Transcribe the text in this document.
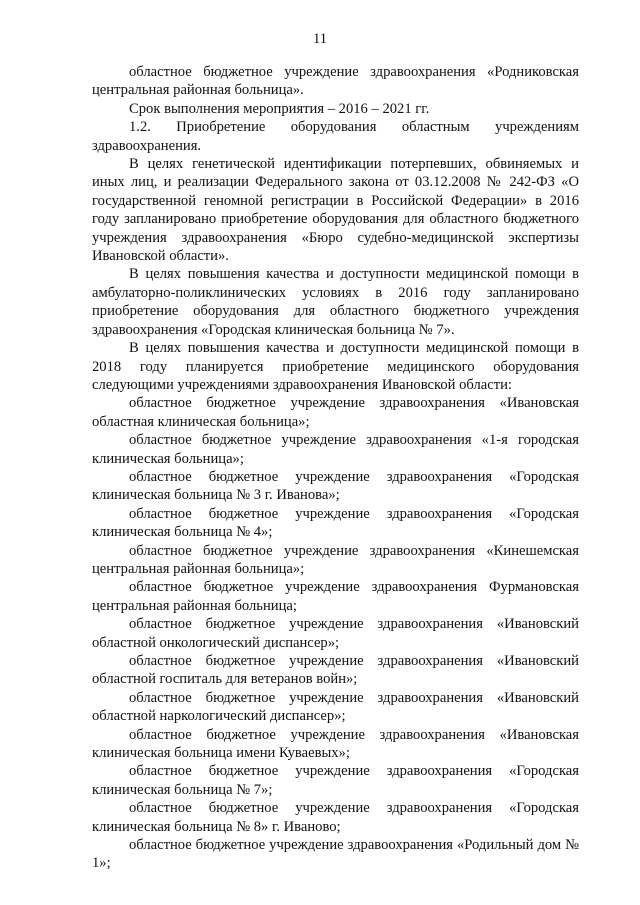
11

областное бюджетное учреждение здравоохранения «Родниковская центральная районная больница».

Срок выполнения мероприятия – 2016 – 2021 гг.

1.2. Приобретение оборудования областным учреждениям здравоохранения.

В целях генетической идентификации потерпевших, обвиняемых и иных лиц, и реализации Федерального закона от 03.12.2008 № 242-ФЗ «О государственной геномной регистрации в Российской Федерации» в 2016 году запланировано приобретение оборудования для областного бюджетного учреждения здравоохранения «Бюро судебно-медицинской экспертизы Ивановской области».

В целях повышения качества и доступности медицинской помощи в амбулаторно-поликлинических условиях в 2016 году запланировано приобретение оборудования для областного бюджетного учреждения здравоохранения «Городская клиническая больница № 7».

В целях повышения качества и доступности медицинской помощи в 2018 году планируется приобретение медицинского оборудования следующими учреждениями здравоохранения Ивановской области:

областное бюджетное учреждение здравоохранения «Ивановская областная клиническая больница»;

областное бюджетное учреждение здравоохранения «1-я городская клиническая больница»;

областное бюджетное учреждение здравоохранения «Городская клиническая больница № 3 г. Иванова»;

областное бюджетное учреждение здравоохранения «Городская клиническая больница № 4»;

областное бюджетное учреждение здравоохранения «Кинешемская центральная районная больница»;

областное бюджетное учреждение здравоохранения Фурмановская центральная районная больница;

областное бюджетное учреждение здравоохранения «Ивановский областной онкологический диспансер»;

областное бюджетное учреждение здравоохранения «Ивановский областной госпиталь для ветеранов войн»;

областное бюджетное учреждение здравоохранения «Ивановский областной наркологический диспансер»;

областное бюджетное учреждение здравоохранения «Ивановская клиническая больница имени Куваевых»;

областное бюджетное учреждение здравоохранения «Городская клиническая больница № 7»;

областное бюджетное учреждение здравоохранения «Городская клиническая больница № 8» г. Иваново;

областное бюджетное учреждение здравоохранения «Родильный дом № 1»;
